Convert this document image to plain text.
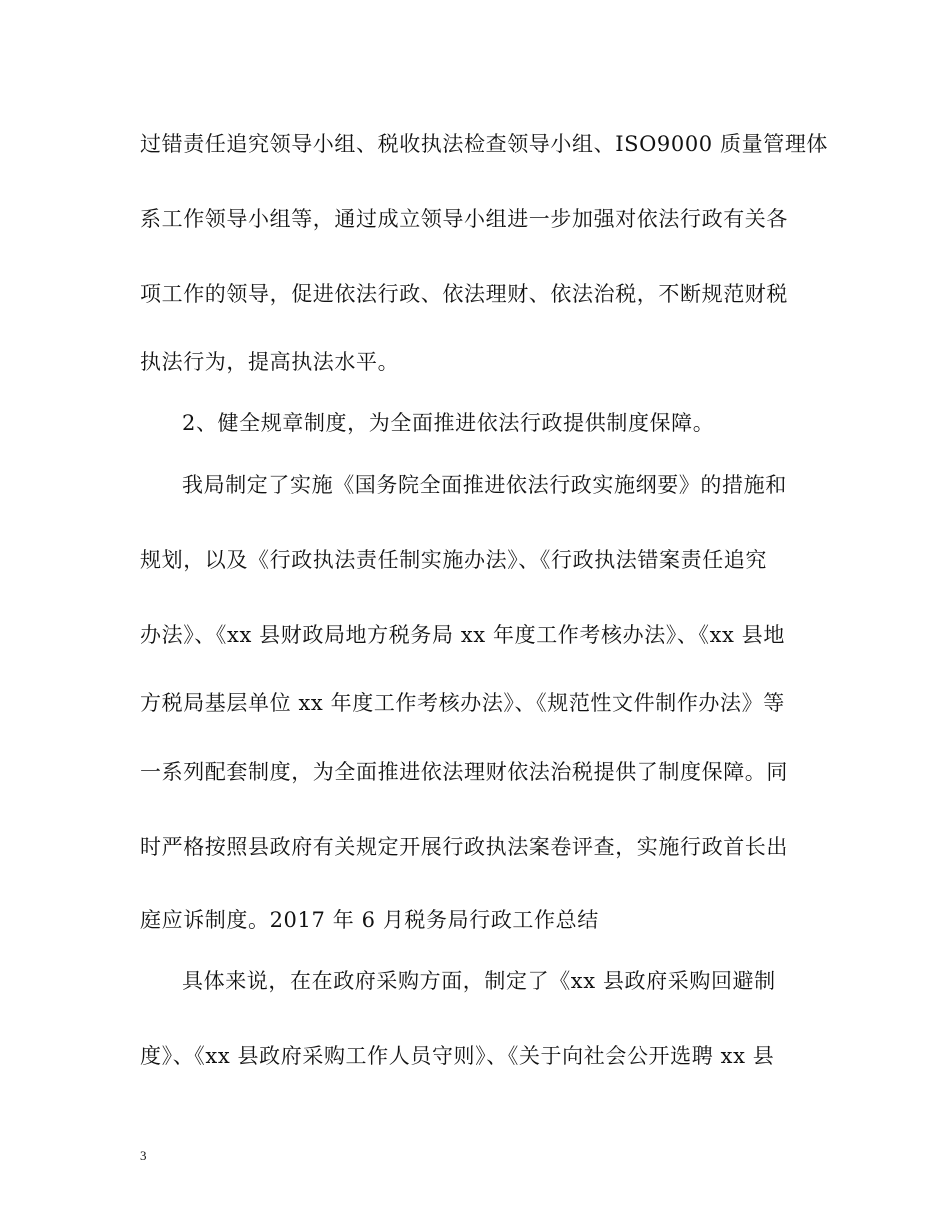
过错责任追究领导小组、税收执法检查领导小组、ISO9000 质量管理体
系工作领导小组等，通过成立领导小组进一步加强对依法行政有关各
项工作的领导，促进依法行政、依法理财、依法治税，不断规范财税
执法行为，提高执法水平。
2、健全规章制度，为全面推进依法行政提供制度保障。
我局制定了实施《国务院全面推进依法行政实施纲要》的措施和
规划，以及《行政执法责任制实施办法》、《行政执法错案责任追究
办法》、《xx 县财政局地方税务局 xx 年度工作考核办法》、《xx 县地
方税局基层单位 xx 年度工作考核办法》、《规范性文件制作办法》等
一系列配套制度，为全面推进依法理财依法治税提供了制度保障。同
时严格按照县政府有关规定开展行政执法案卷评查，实施行政首长出
庭应诉制度。2017 年 6 月税务局行政工作总结
具体来说，在在政府采购方面，制定了《xx 县政府采购回避制
度》、《xx 县政府采购工作人员守则》、《关于向社会公开选聘 xx 县
3
